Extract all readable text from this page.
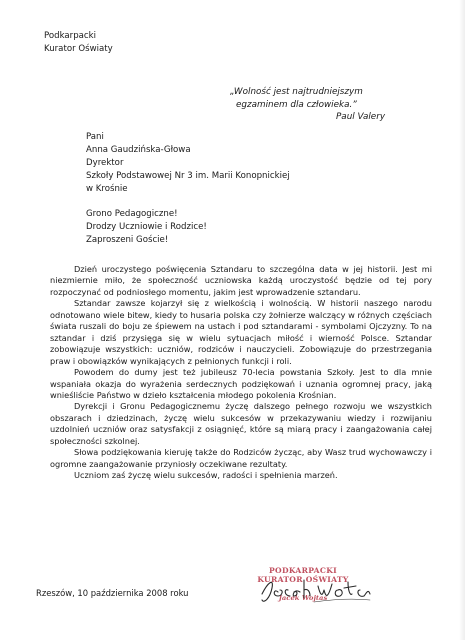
Podkarpacki
Kurator Oświaty
„Wolność jest najtrudniejszym
egzaminem dla człowieka.”
Paul Valery
Pani
Anna Gaudzińska-Głowa
Dyrektor
Szkoły Podstawowej Nr 3 im. Marii Konopnickiej
w Krośnie
Grono Pedagogiczne!
Drodzy Uczniowie i Rodzice!
Zaproszeni Goście!

Dzień uroczystego poświęcenia Sztandaru to szczególna data w jej historii. Jest mi niezmiernie miło, że społeczność uczniowska każdą uroczystość będzie od tej pory rozpoczynać od podniosłego momentu, jakim jest wprowadzenie sztandaru.

Sztandar zawsze kojarzył się z wielkością i wolnością. W historii naszego narodu odnotowano wiele bitew, kiedy to husaria polska czy żołnierze walczący w różnych częściach świata ruszali do boju ze śpiewem na ustach i pod sztandarami - symbolami Ojczyzny. To na sztandar i dziś przysięga się w wielu sytuacjach miłość i wierność Polsce. Sztandar zobowiązuje wszystkich: uczniów, rodziców i nauczycieli. Zobowiązuje do przestrzegania praw i obowiązków wynikających z pełnionych funkcji i roli.

Powodem do dumy jest też jubileusz 70-lecia powstania Szkoły. Jest to dla mnie wspaniała okazja do wyrażenia serdecznych podziękowań i uznania ogromnej pracy, jaką wnieśliście Państwo w dzieło kształcenia młodego pokolenia Krośnian.

Dyrekcji i Gronu Pedagogicznemu życzę dalszego pełnego rozwoju we wszystkich obszarach i dziedzinach, życzę wielu sukcesów w przekazywaniu wiedzy i rozwijaniu uzdolnień uczniów oraz satysfakcji z osiągnięć, które są miarą pracy i zaangażowania całej społeczności szkolnej.

Słowa podziękowania kieruję także do Rodziców życząc, aby Wasz trud wychowawczy i ogromne zaangażowanie przyniosły oczekiwane rezultaty.

Uczniom zaś życzę wielu sukcesów, radości i spełnienia marzeń.

Rzeszów, 10 października 2008 roku
PODKARPACKI
KURATOR OŚWIATY
Jacek Wojtas
